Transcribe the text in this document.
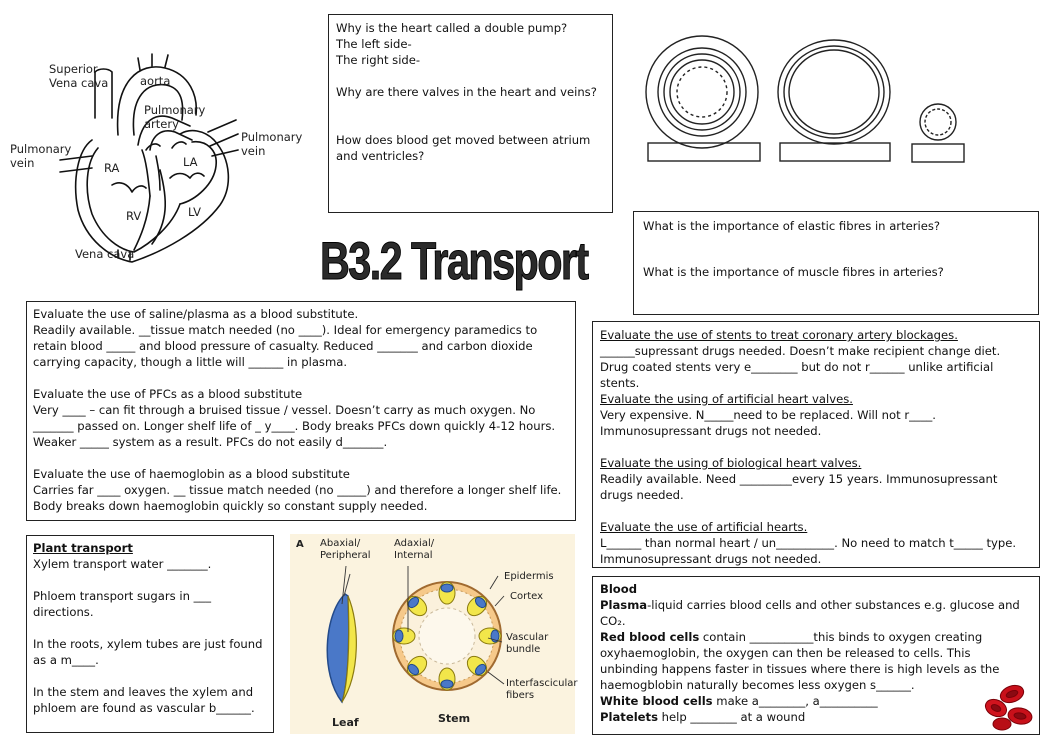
Superior
Vena cava	aorta
Pulmonary
artery
Pulmonary
vein
Pulmonary
vein	RA	LA
RV	LV
Vena cava

Why is the heart called a double pump?

The left side-

The right side-

Why are there valves in the heart and veins?

How does blood get moved between atrium and ventricles?

B3.2 Transport

What is the importance of elastic fibres in arteries?

What is the importance of muscle fibres in arteries?

Evaluate the use of saline/plasma as a blood substitute.

Readily available. __tissue match needed (no ____). Ideal for emergency paramedics to retain blood _____ and blood pressure of casualty. Reduced _______ and carbon dioxide carrying capacity, though a little will ______ in plasma.

Evaluate the use of PFCs as a blood substitute

Very ____ – can fit through a bruised tissue / vessel. Doesn’t carry as much oxygen. No _______ passed on. Longer shelf life of _ y____. Body breaks PFCs down quickly 4-12 hours. Weaker _____ system as a result. PFCs do not easily d_______.

Evaluate the use of haemoglobin as a blood substitute

Carries far ____ oxygen. __ tissue match needed (no _____) and therefore a longer shelf life. Body breaks down haemoglobin quickly so constant supply needed.

Evaluate the use of stents to treat coronary artery blockages.

______supressant drugs needed. Doesn’t make recipient change diet. Drug coated stents very e________ but do not r______ unlike artificial stents.

Evaluate the using of artificial heart valves.

Very expensive. N_____need to be replaced. Will not r____. Immunosupressant drugs not needed.

Evaluate the using of biological heart valves.

Readily available. Need _________every 15 years. Immunosupressant drugs needed.

Evaluate the use of artificial hearts.

L______ than normal heart / un__________. No need to match t_____ type. Immunosupressant drugs not needed.

Plant transport

Xylem transport water _______.

Phloem transport sugars in ___ directions.

In the roots, xylem tubes are just found as a m____.

In the stem and leaves the xylem and phloem are found as vascular b______.

A Abaxial/
Peripheral
Adaxial/
Internal
Epidermis
Cortex
Vascular
bundle
Interfascicular
fibers
Leaf	Stem

Blood

Plasma-liquid carries blood cells and other substances e.g. glucose and CO₂.

Red blood cells contain ___________this binds to oxygen creating oxyhaemoglobin, the oxygen can then be released to cells. This unbinding happens faster in tissues where there is high levels as the haemogblobin naturally becomes less oxygen s______.

White blood cells make a________, a__________

Platelets help ________ at a wound
